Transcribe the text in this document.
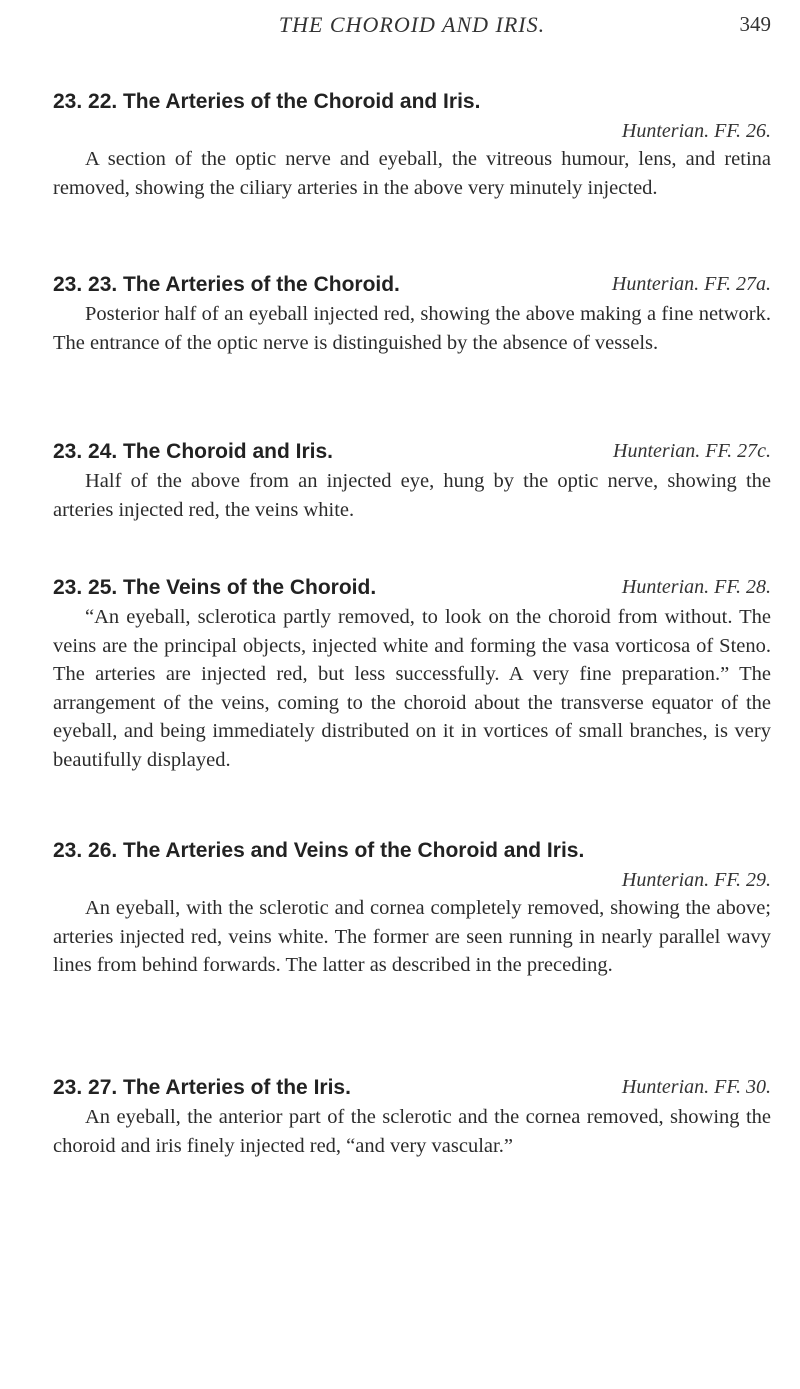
THE CHOROID AND IRIS.	349
23. 22. The Arteries of the Choroid and Iris.
Hunterian. FF. 26.
A section of the optic nerve and eyeball, the vitreous humour, lens, and retina removed, showing the ciliary arteries in the above very minutely injected.
Hunterian. FF. 27a.
23. 23. The Arteries of the Choroid.
Posterior half of an eyeball injected red, showing the above making a fine network. The entrance of the optic nerve is distinguished by the absence of vessels.
Hunterian. FF. 27c.
23. 24. The Choroid and Iris.
Half of the above from an injected eye, hung by the optic nerve, showing the arteries injected red, the veins white.
Hunterian. FF. 28.
23. 25. The Veins of the Choroid.
“An eyeball, sclerotica partly removed, to look on the choroid from without. The veins are the principal objects, injected white and forming the vasa vorticosa of Steno. The arteries are injected red, but less successfully. A very fine preparation.” The arrangement of the veins, coming to the choroid about the transverse equator of the eyeball, and being immediately distributed on it in vortices of small branches, is very beautifully displayed.
23. 26. The Arteries and Veins of the Choroid and Iris.
Hunterian. FF. 29.
An eyeball, with the sclerotic and cornea completely removed, showing the above; arteries injected red, veins white. The former are seen running in nearly parallel wavy lines from behind forwards. The latter as described in the preceding.
Hunterian. FF. 30.
23. 27. The Arteries of the Iris.
An eyeball, the anterior part of the sclerotic and the cornea removed, showing the choroid and iris finely injected red, “and very vascular.”
